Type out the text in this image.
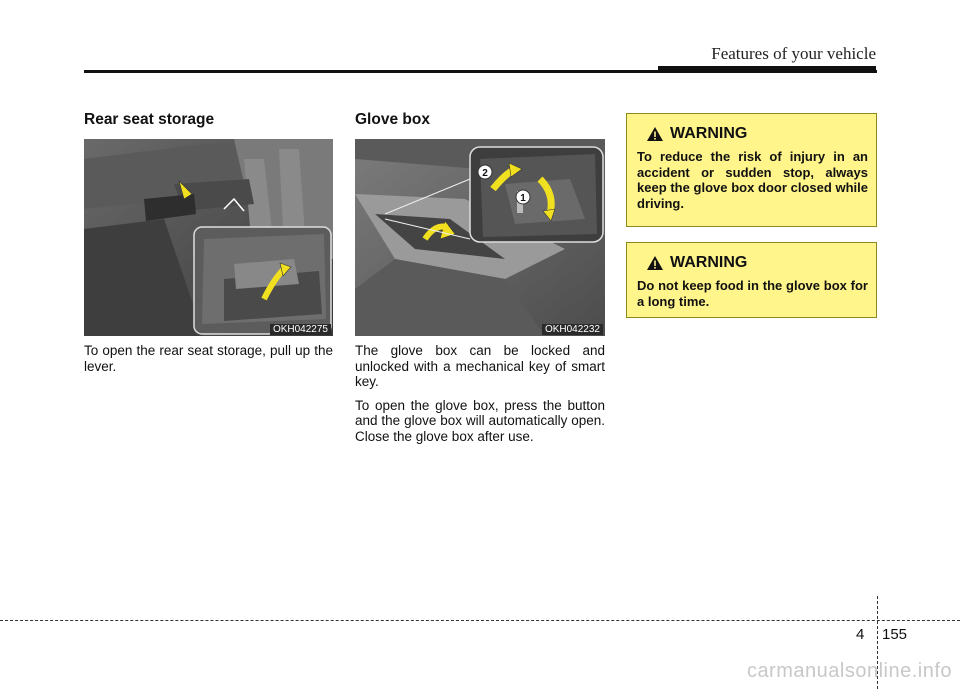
Features of your vehicle
Rear seat storage
OKH042275

To open the rear seat storage, pull up the lever.

Glove box
2
1
OKH042232

The glove box can be locked and unlocked with a mechanical key of smart key.

To open the glove box, press the button and the glove box will automatically open. Close the glove box after use.

WARNING
To reduce the risk of injury in an accident or sudden stop, always keep the glove box door closed while driving.
WARNING
Do not keep food in the glove box for a long time.
4 155
carmanualsonline.info
